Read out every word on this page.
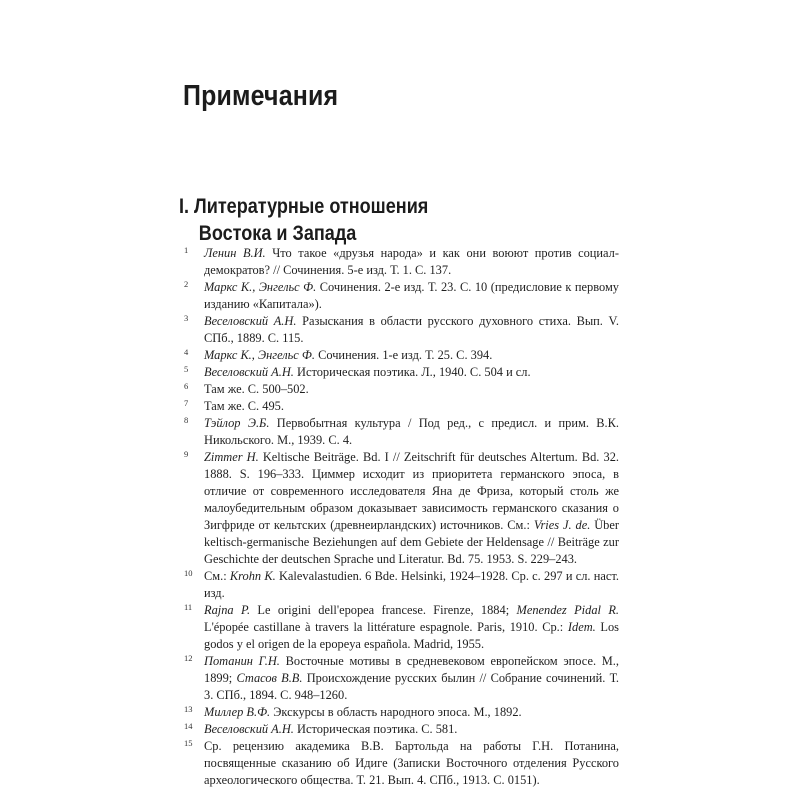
Примечания
I. Литературные отношения
Востока и Запада
1 Ленин В.И. Что такое «друзья народа» и как они воюют против социал-демократов? // Сочинения. 5-е изд. Т. 1. С. 137.
2 Маркс К., Энгельс Ф. Сочинения. 2-е изд. Т. 23. С. 10 (предисловие к первому изданию «Капитала»).
3 Веселовский А.Н. Разыскания в области русского духовного стиха. Вып. V. СПб., 1889. С. 115.
4 Маркс К., Энгельс Ф. Сочинения. 1-е изд. Т. 25. С. 394.
5 Веселовский А.Н. Историческая поэтика. Л., 1940. С. 504 и сл.
6 Там же. С. 500–502.
7 Там же. С. 495.
8 Тэйлор Э.Б. Первобытная культура / Под ред., с предисл. и прим. В.К. Никольского. М., 1939. С. 4.
9 Zimmer H. Keltische Beiträge. Bd. I // Zeitschrift für deutsches Altertum. Bd. 32. 1888. S. 196–333. Циммер исходит из приоритета германского эпоса, в отличие от современного исследователя Яна де Фриза, который столь же малоубедительным образом доказывает зависимость германского сказания о Зигфриде от кельтских (древнеирландских) источников. См.: Vries J. de. Über keltisch-germanische Beziehungen auf dem Gebiete der Heldensage // Beiträge zur Geschichte der deutschen Sprache und Literatur. Bd. 75. 1953. S. 229–243.
10 См.: Krohn K. Kalevalastudien. 6 Bde. Helsinki, 1924–1928. Ср. с. 297 и сл. наст. изд.
11 Rajna P. Le origini dell'epopea francese. Firenze, 1884; Menendez Pidal R. L'épopée castillane à travers la littérature espagnole. Paris, 1910. Ср.: Idem. Los godos y el origen de la epopeya española. Madrid, 1955.
12 Потанин Г.Н. Восточные мотивы в средневековом европейском эпосе. М., 1899; Стасов В.В. Происхождение русских былин // Собрание сочинений. Т. 3. СПб., 1894. С. 948–1260.
13 Миллер В.Ф. Экскурсы в область народного эпоса. М., 1892.
14 Веселовский А.Н. Историческая поэтика. С. 581.
15 Ср. рецензию академика В.В. Бартольда на работы Г.Н. Потанина, посвященные сказанию об Идиге (Записки Восточного отделения Русского археологического общества. Т. 21. Вып. 4. СПб., 1913. С. 0151).
